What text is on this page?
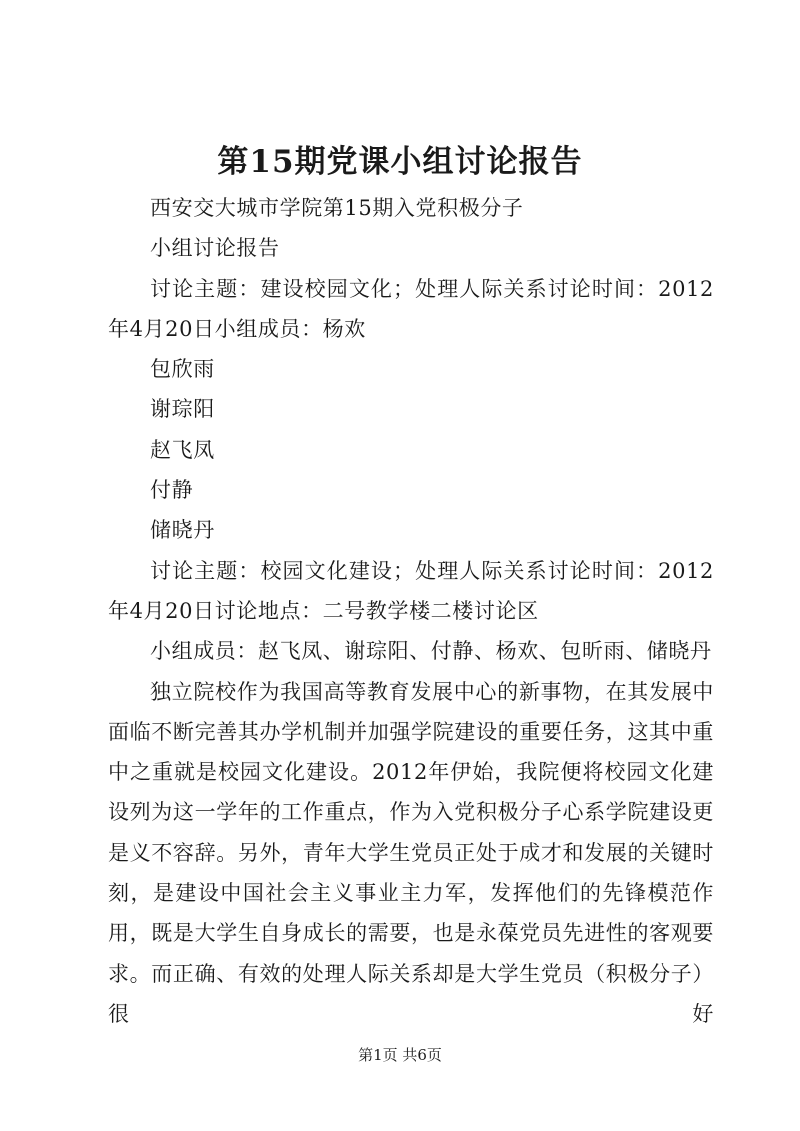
第15期党课小组讨论报告

西安交大城市学院第15期入党积极分子

小组讨论报告

讨论主题：建设校园文化；处理人际关系讨论时间：2012年4月20日小组成员：杨欢

包欣雨

谢琮阳

赵飞凤

付静

储晓丹

讨论主题：校园文化建设；处理人际关系讨论时间：2012年4月20日讨论地点：二号教学楼二楼讨论区

小组成员：赵飞凤、谢琮阳、付静、杨欢、包昕雨、储晓丹

独立院校作为我国高等教育发展中心的新事物，在其发展中面临不断完善其办学机制并加强学院建设的重要任务，这其中重中之重就是校园文化建设。2012年伊始，我院便将校园文化建设列为这一学年的工作重点，作为入党积极分子心系学院建设更是义不容辞。另外，青年大学生党员正处于成才和发展的关键时刻，是建设中国社会主义事业主力军，发挥他们的先锋模范作用，既是大学生自身成长的需要，也是永葆党员先进性的客观要求。而正确、有效的处理人际关系却是大学生党员（积极分子）很好

第1页 共6页
